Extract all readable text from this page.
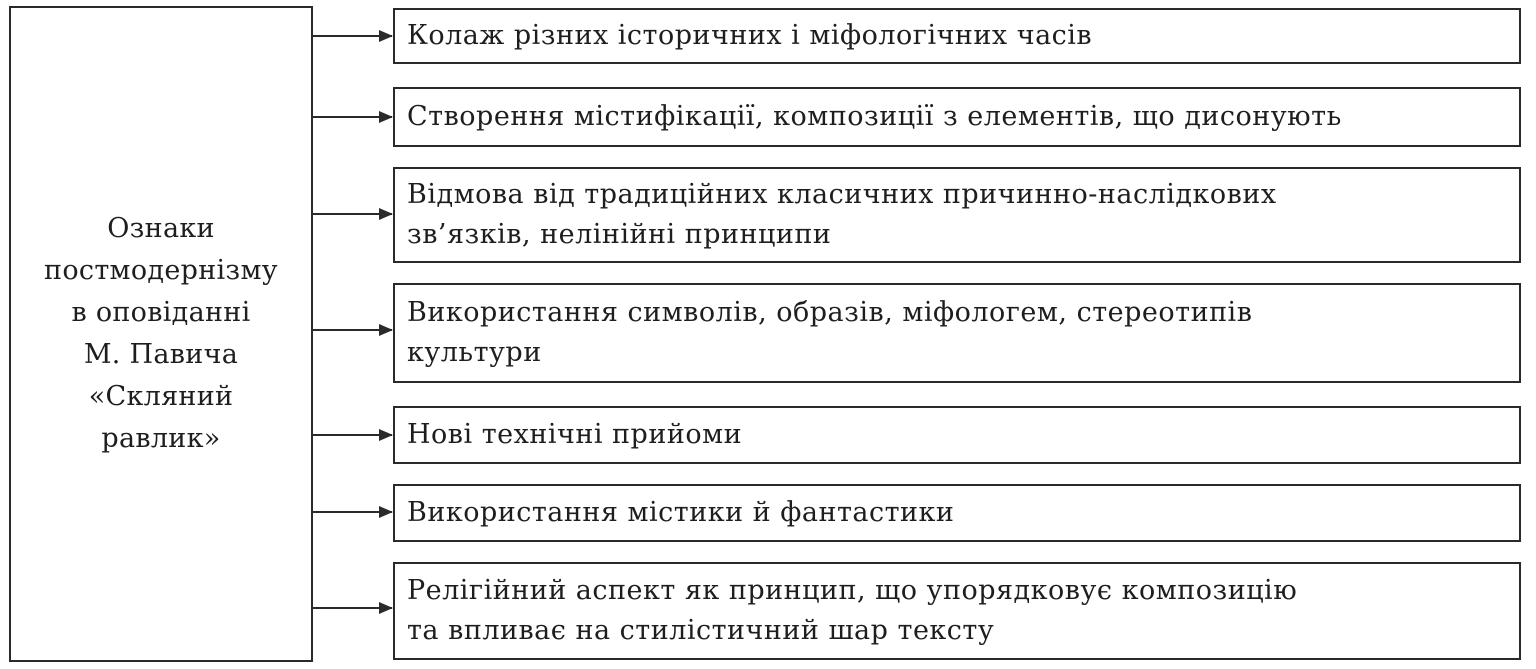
Ознаки
постмодернізму
в оповіданні
М. Павича
«Скляний
равлик»
Колаж різних історичних і міфологічних часів
Створення містифікації, композиції з елементів, що дисонують
Відмова від традиційних класичних причинно-наслідкових
зв’язків, нелінійні принципи
Використання символів, образів, міфологем, стереотипів
культури
Нові технічні прийоми
Використання містики й фантастики
Релігійний аспект як принцип, що упорядковує композицію
та впливає на стилістичний шар тексту
